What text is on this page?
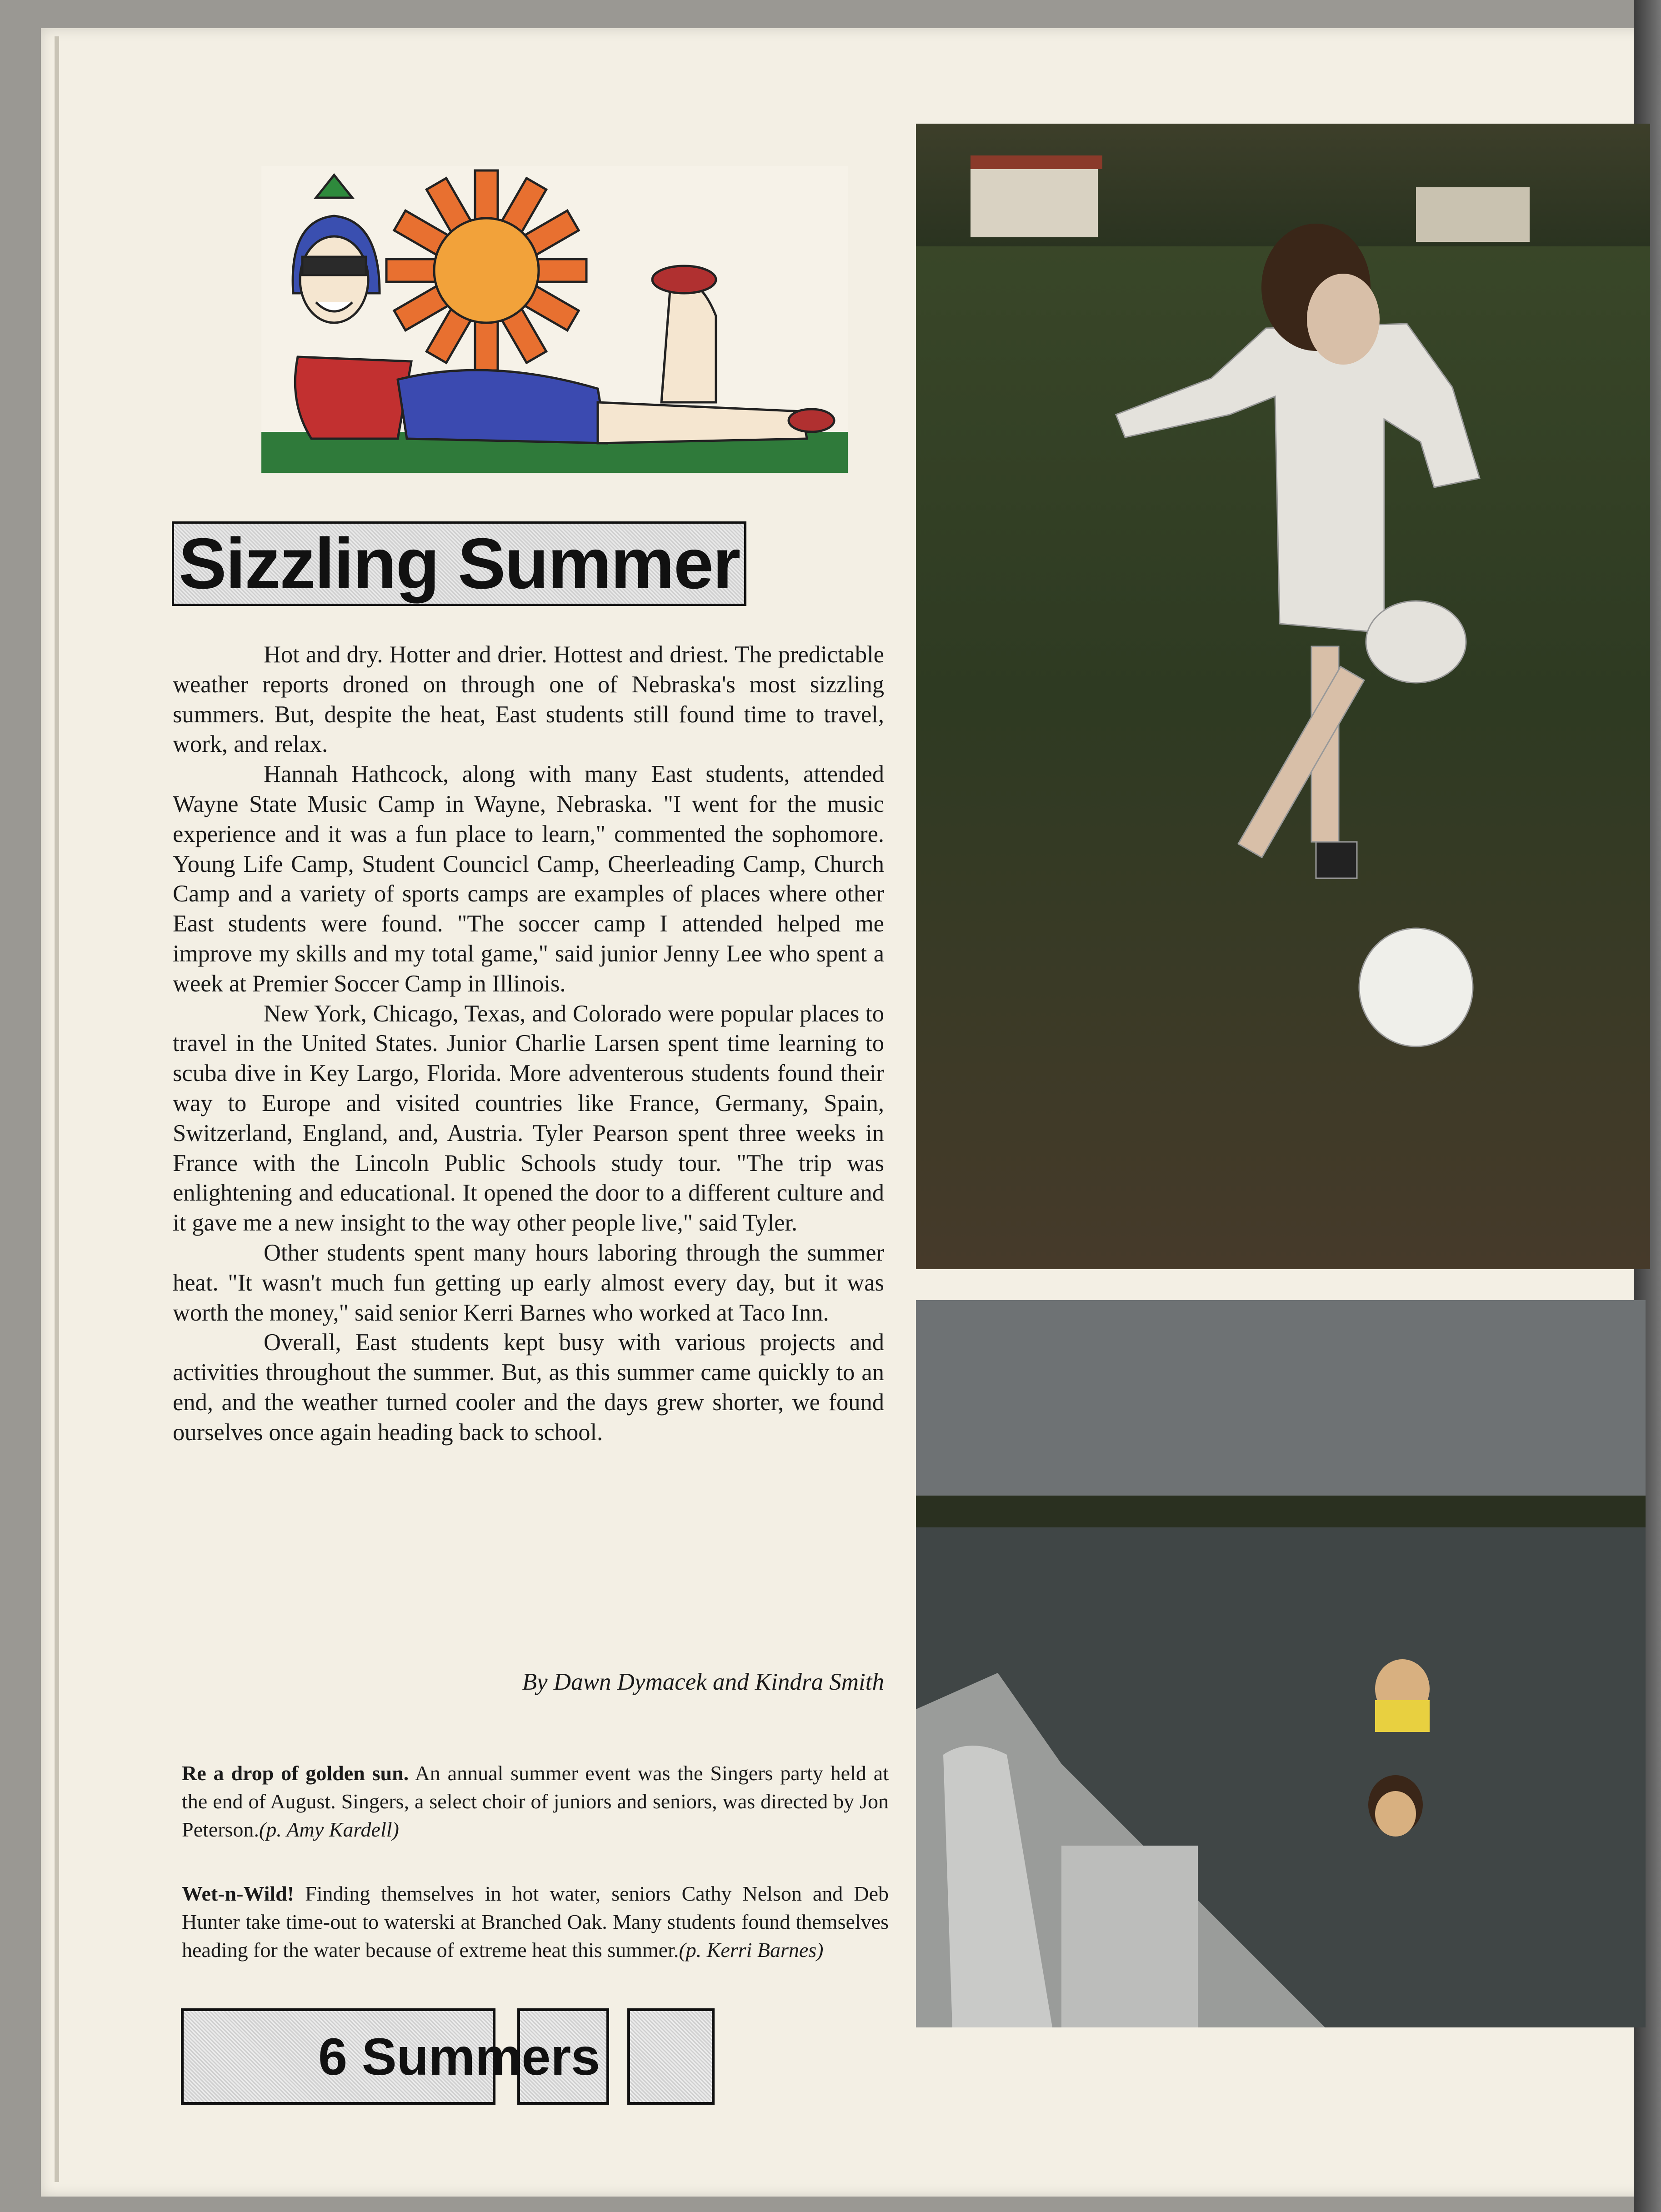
Sizzling Summer

Hot and dry. Hotter and drier. Hottest and driest. The predictable weather reports droned on through one of Nebraska's most sizzling summers. But, despite the heat, East students still found time to travel, work, and relax.

Hannah Hathcock, along with many East students, attended Wayne State Music Camp in Wayne, Nebraska. "I went for the music experience and it was a fun place to learn," commented the sophomore. Young Life Camp, Student Councicl Camp, Cheerleading Camp, Church Camp and a variety of sports camps are examples of places where other East students were found. "The soccer camp I attended helped me improve my skills and my total game," said junior Jenny Lee who spent a week at Premier Soccer Camp in Illinois.

New York, Chicago, Texas, and Colorado were popular places to travel in the United States. Junior Charlie Larsen spent time learning to scuba dive in Key Largo, Florida. More adventerous students found their way to Europe and visited countries like France, Germany, Spain, Switzerland, England, and, Austria. Tyler Pearson spent three weeks in France with the Lincoln Public Schools study tour. "The trip was enlightening and educational. It opened the door to a different culture and it gave me a new insight to the way other people live," said Tyler.

Other students spent many hours laboring through the summer heat. "It wasn't much fun getting up early almost every day, but it was worth the money," said senior Kerri Barnes who worked at Taco Inn.

Overall, East students kept busy with various projects and activities throughout the summer. But, as this summer came quickly to an end, and the weather turned cooler and the days grew shorter, we found ourselves once again heading back to school.

By Dawn Dymacek and Kindra Smith
Re a drop of golden sun. An annual summer event was the Singers party held at the end of August. Singers, a select choir of juniors and seniors, was directed by Jon Peterson.(p. Amy Kardell)
Wet-n-Wild! Finding themselves in hot water, seniors Cathy Nelson and Deb Hunter take time-out to waterski at Branched Oak. Many students found themselves heading for the water because of extreme heat this summer.(p. Kerri Barnes)
6 Summers
